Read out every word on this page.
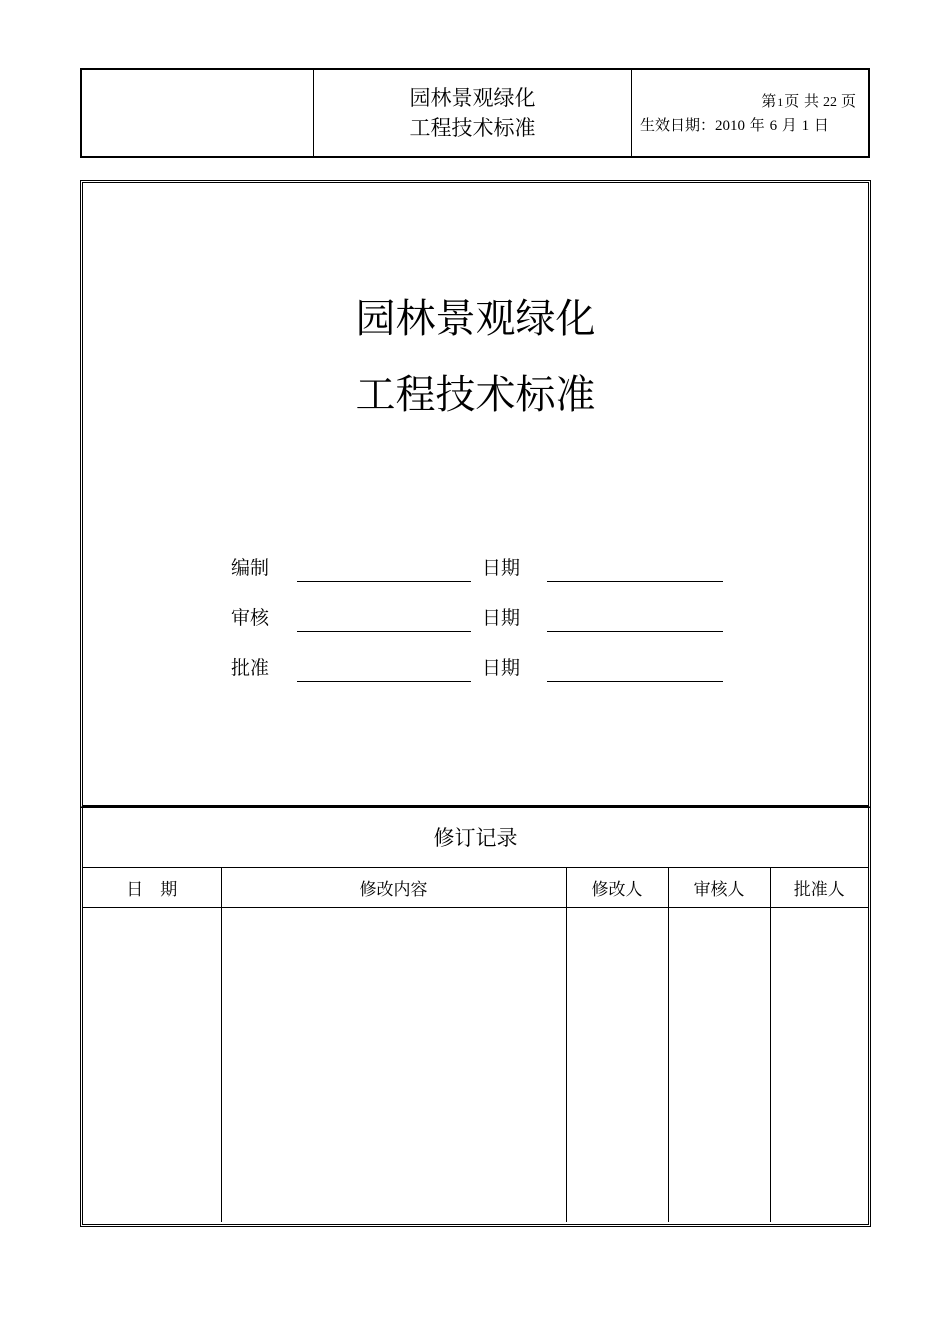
园林景观绿化
工程技术标准
第1页 共 22 页
生效日期：2010 年 6 月 1 日
园林景观绿化
工程技术标准
编制	日期
审核	日期
批准	日期
修订记录
日　期	修改内容	修改人	审核人	批准人
